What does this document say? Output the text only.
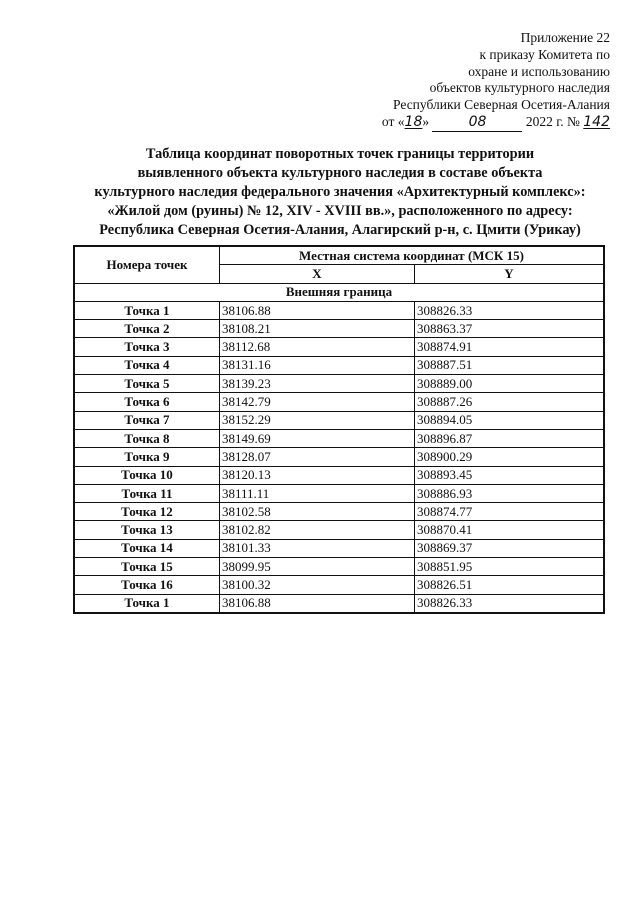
Приложение 22
к приказу Комитета по
охране и использованию
объектов культурного наследия
Республики Северная Осетия-Алания
от «18»	08	2022 г. № 142
Таблица координат поворотных точек границы территории
выявленного объекта культурного наследия в составе объекта
культурного наследия федерального значения «Архитектурный комплекс»:
«Жилой дом (руины) № 12, XIV - XVIII вв.», расположенного по адресу:
Республика Северная Осетия-Алания, Алагирский р-н, с. Цмити (Урикау)
Номера точек	Местная система координат (МСК 15)	
	X	Y
Внешняя граница		
Точка 1	38106.88	308826.33
Точка 2	38108.21	308863.37
Точка 3	38112.68	308874.91
Точка 4	38131.16	308887.51
Точка 5	38139.23	308889.00
Точка 6	38142.79	308887.26
Точка 7	38152.29	308894.05
Точка 8	38149.69	308896.87
Точка 9	38128.07	308900.29
Точка 10	38120.13	308893.45
Точка 11	38111.11	308886.93
Точка 12	38102.58	308874.77
Точка 13	38102.82	308870.41
Точка 14	38101.33	308869.37
Точка 15	38099.95	308851.95
Точка 16	38100.32	308826.51
Точка 1	38106.88	308826.33
